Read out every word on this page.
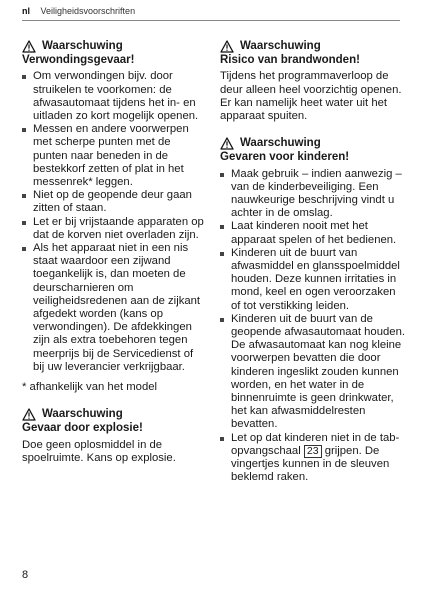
nl Veiligheidsvoorschriften
Waarschuwing
Verwondingsgevaar!
Om verwondingen bijv. door struikelen te voorkomen: de afwasautomaat tijdens het in- en uitladen zo kort mogelijk openen.
Messen en andere voorwerpen met scherpe punten met de punten naar beneden in de bestekkorf zetten of plat in het messenrek* leggen.
Niet op de geopende deur gaan zitten of staan.
Let er bij vrijstaande apparaten op dat de korven niet overladen zijn.
Als het apparaat niet in een nis staat waardoor een zijwand toegankelijk is, dan moeten de deurscharnieren om veiligheidsredenen aan de zijkant afgedekt worden (kans op verwondingen). De afdekkingen zijn als extra toebehoren tegen meerprijs bij de Servicedienst of bij uw leverancier verkrijgbaar.

* afhankelijk van het model

Waarschuwing
Gevaar door explosie!

Doe geen oplosmiddel in de spoelruimte. Kans op explosie.

Waarschuwing
Risico van brandwonden!

Tijdens het programmaverloop de deur alleen heel voorzichtig openen. Er kan namelijk heet water uit het apparaat spuiten.

Waarschuwing
Gevaren voor kinderen!
Maak gebruik – indien aanwezig – van de kinderbeveiliging. Een nauwkeurige beschrijving vindt u achter in de omslag.
Laat kinderen nooit met het apparaat spelen of het bedienen.
Kinderen uit de buurt van afwasmiddel en glansspoelmiddel houden. Deze kunnen irritaties in mond, keel en ogen veroorzaken of tot verstikking leiden.
Kinderen uit de buurt van de geopende afwasautomaat houden. De afwasautomaat kan nog kleine voorwerpen bevatten die door kinderen ingeslikt zouden kunnen worden, en het water in de binnenruimte is geen drinkwater, het kan afwasmiddelresten bevatten.
Let op dat kinderen niet in de tab-opvangschaal 23 grijpen. De vingertjes kunnen in de sleuven beklemd raken.
8
